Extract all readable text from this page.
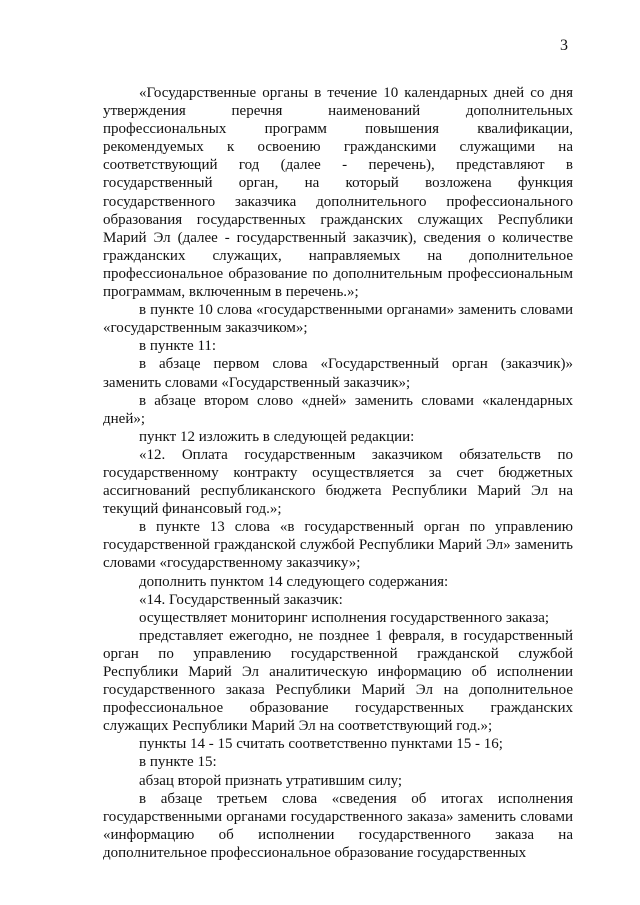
3

«Государственные органы в течение 10 календарных дней со дня утверждения перечня наименований дополнительных профессиональных программ повышения квалификации, рекомендуемых к освоению гражданскими служащими на соответствующий год (далее - перечень), представляют в государственный орган, на который возложена функция государственного заказчика дополнительного профессионального образования государственных гражданских служащих Республики Марий Эл (далее - государственный заказчик), сведения о количестве гражданских служащих, направляемых на дополнительное профессиональное образование по дополнительным профессиональным программам, включенным в перечень.»;

в пункте 10 слова «государственными органами» заменить словами «государственным заказчиком»;

в пункте 11:

в абзаце первом слова «Государственный орган (заказчик)» заменить словами «Государственный заказчик»;

в абзаце втором слово «дней» заменить словами «календарных дней»;

пункт 12 изложить в следующей редакции:

«12. Оплата государственным заказчиком обязательств по государственному контракту осуществляется за счет бюджетных ассигнований республиканского бюджета Республики Марий Эл на текущий финансовый год.»;

в пункте 13 слова «в государственный орган по управлению государственной гражданской службой Республики Марий Эл» заменить словами «государственному заказчику»;

дополнить пунктом 14 следующего содержания:

«14. Государственный заказчик:

осуществляет мониторинг исполнения государственного заказа;

представляет ежегодно, не позднее 1 февраля, в государственный орган по управлению государственной гражданской службой Республики Марий Эл аналитическую информацию об исполнении государственного заказа Республики Марий Эл на дополнительное профессиональное образование государственных гражданских служащих Республики Марий Эл на соответствующий год.»;

пункты 14 - 15 считать соответственно пунктами 15 - 16;

в пункте 15:

абзац второй признать утратившим силу;

в абзаце третьем слова «сведения об итогах исполнения государственными органами государственного заказа» заменить словами «информацию об исполнении государственного заказа на дополнительное профессиональное образование государственных
